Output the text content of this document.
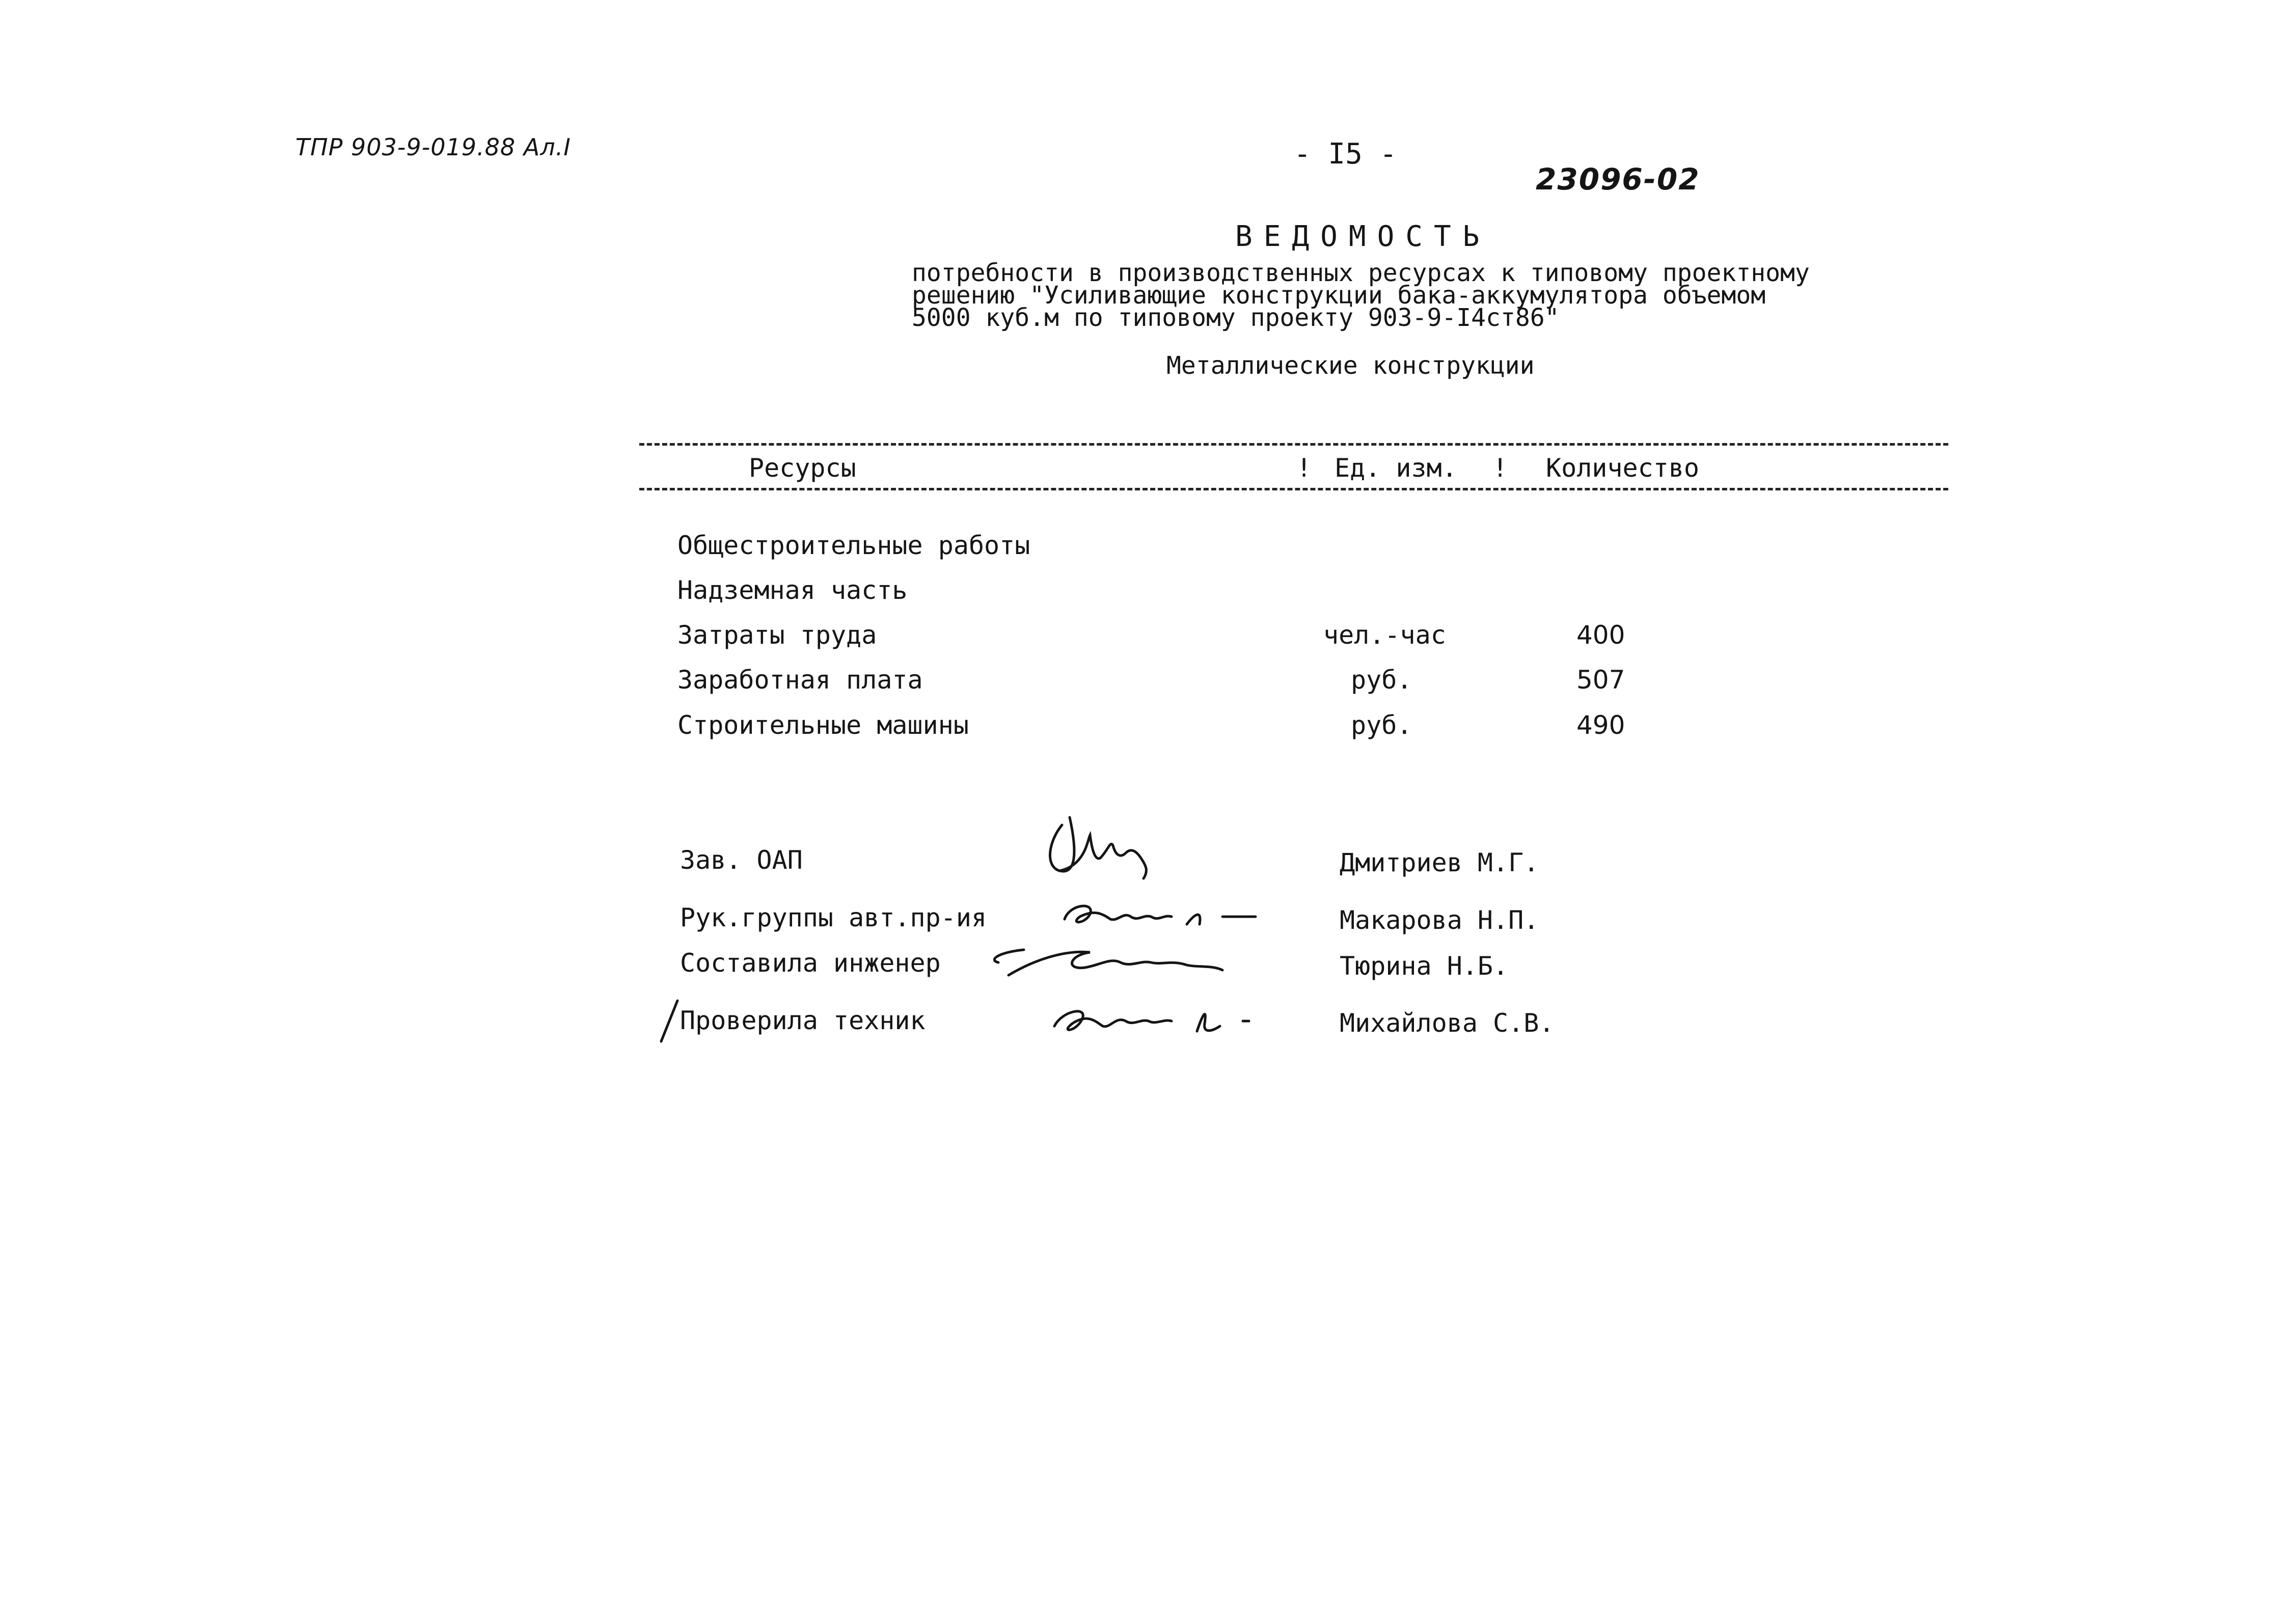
ТПР 903-9-019.88 Ал.I	- I5 -
23096-02
ВЕДОМОСТЬ
потребности в производственных ресурсах к типовому проектному
решению "Усиливающие конструкции бака-аккумулятора объемом
5000 куб.м по типовому проекту 903-9-I4ст86"
Металлические конструкции
Ресурсы	! Ед. изм. ! Количество
Общестроительные работы
Надземная часть
Затраты труда	чел.-час	400
Заработная плата	руб.	507
Строительные машины	руб.	490
Зав. ОАП	Дмитриев М.Г.
Рук.группы авт.пр-ия	Макарова Н.П.
Составила инженер	Тюрина Н.Б.
Проверила техник	Михайлова С.В.
